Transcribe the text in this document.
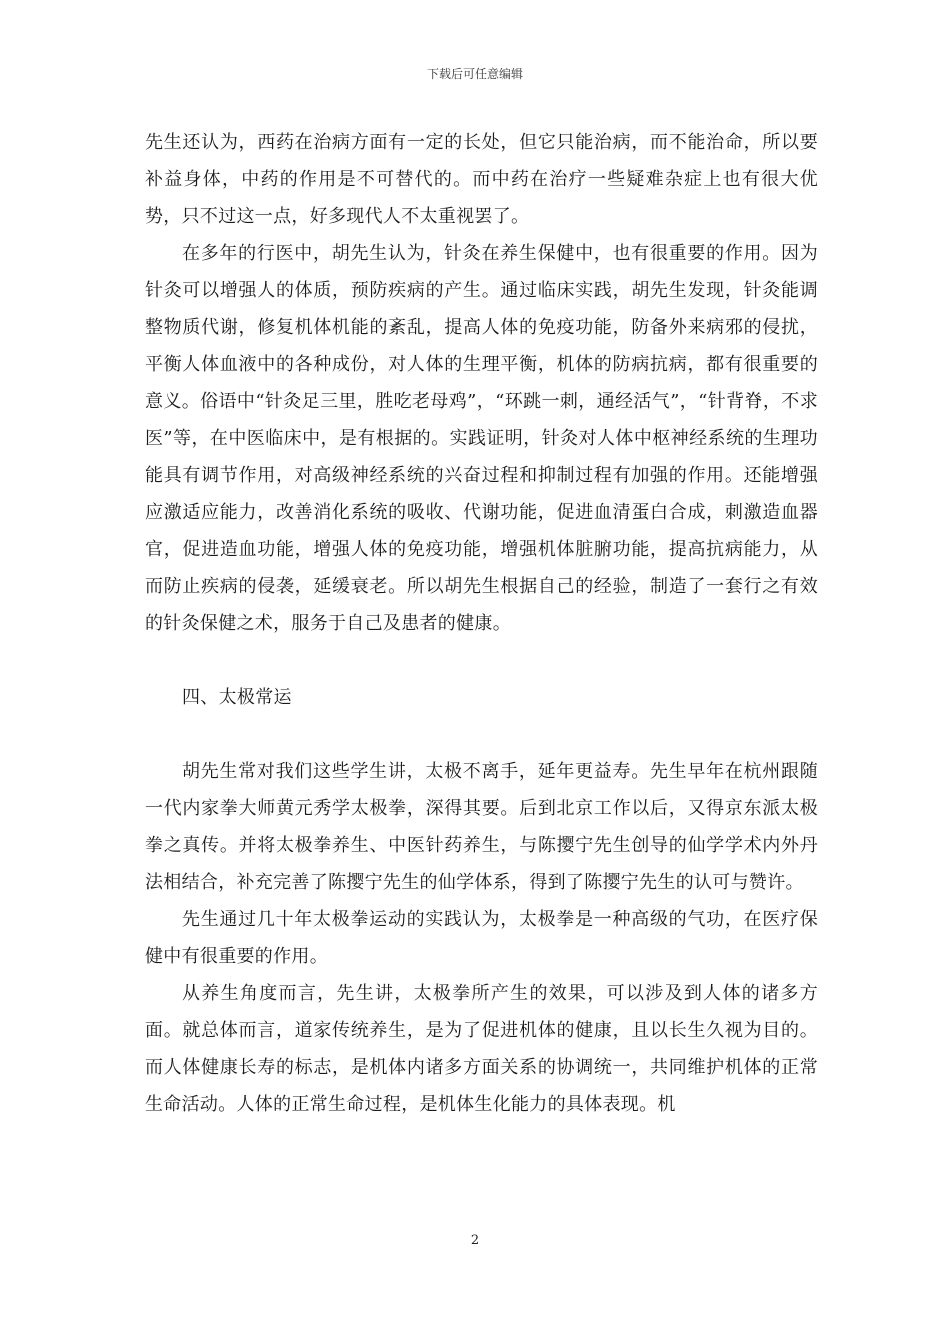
下载后可任意编辑

先生还认为，西药在治病方面有一定的长处，但它只能治病，而不能治命，所以要补益身体，中药的作用是不可替代的。而中药在治疗一些疑难杂症上也有很大优势，只不过这一点，好多现代人不太重视罢了。

在多年的行医中，胡先生认为，针灸在养生保健中，也有很重要的作用。因为针灸可以增强人的体质，预防疾病的产生。通过临床实践，胡先生发现，针灸能调整物质代谢，修复机体机能的紊乱，提高人体的免疫功能，防备外来病邪的侵扰，平衡人体血液中的各种成份，对人体的生理平衡，机体的防病抗病，都有很重要的意义。俗语中“针灸足三里，胜吃老母鸡”，“环跳一刺，通经活气”，“针背脊，不求医”等，在中医临床中，是有根据的。实践证明，针灸对人体中枢神经系统的生理功能具有调节作用，对高级神经系统的兴奋过程和抑制过程有加强的作用。还能增强应激适应能力，改善消化系统的吸收、代谢功能，促进血清蛋白合成，刺激造血器官，促进造血功能，增强人体的免疫功能，增强机体脏腑功能，提高抗病能力，从而防止疾病的侵袭，延缓衰老。所以胡先生根据自己的经验，制造了一套行之有效的针灸保健之术，服务于自己及患者的健康。

四、太极常运

胡先生常对我们这些学生讲，太极不离手，延年更益寿。先生早年在杭州跟随一代内家拳大师黄元秀学太极拳，深得其要。后到北京工作以后，又得京东派太极拳之真传。并将太极拳养生、中医针药养生，与陈撄宁先生创导的仙学学术内外丹法相结合，补充完善了陈撄宁先生的仙学体系，得到了陈撄宁先生的认可与赞许。

先生通过几十年太极拳运动的实践认为，太极拳是一种高级的气功，在医疗保健中有很重要的作用。

从养生角度而言，先生讲，太极拳所产生的效果，可以涉及到人体的诸多方面。就总体而言，道家传统养生，是为了促进机体的健康，且以长生久视为目的。而人体健康长寿的标志，是机体内诸多方面关系的协调统一，共同维护机体的正常生命活动。人体的正常生命过程，是机体生化能力的具体表现。机

2
